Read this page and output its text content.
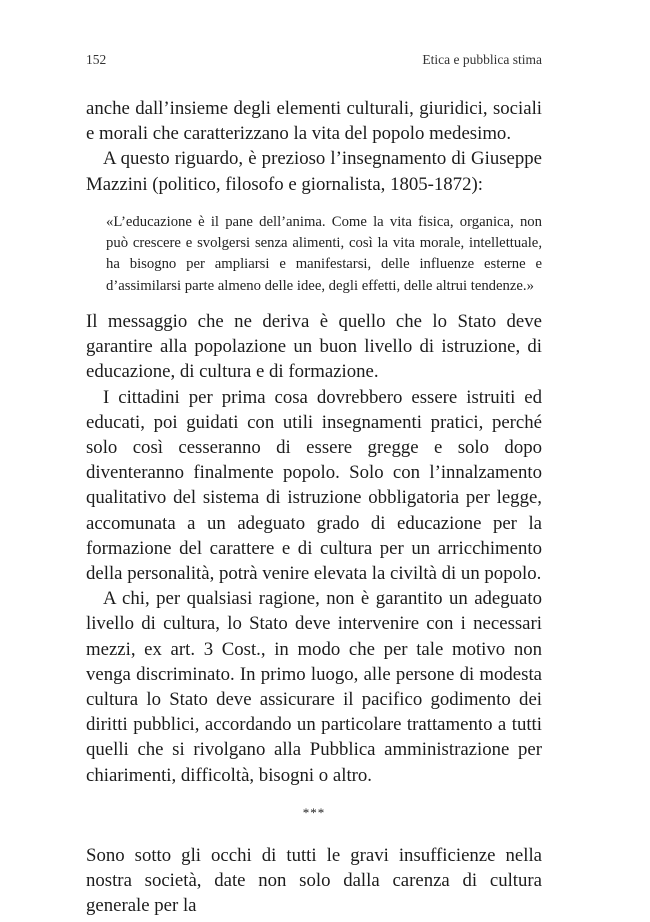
152	Etica e pubblica stima

anche dall’insieme degli elementi culturali, giuridici, sociali e morali che caratterizzano la vita del popolo medesimo.

A questo riguardo, è prezioso l’insegnamento di Giuseppe Mazzini (politico, filosofo e giornalista, 1805-1872):

«L’educazione è il pane dell’anima. Come la vita fisica, organica, non può crescere e svolgersi senza alimenti, così la vita morale, intellettuale, ha bisogno per ampliarsi e manifestarsi, delle influenze esterne e d’assimilarsi parte almeno delle idee, degli effetti, delle altrui tendenze.»

Il messaggio che ne deriva è quello che lo Stato deve garantire alla popolazione un buon livello di istruzione, di educazione, di cultura e di formazione.

I cittadini per prima cosa dovrebbero essere istruiti ed educati, poi guidati con utili insegnamenti pratici, perché solo così cesseranno di essere gregge e solo dopo diventeranno finalmente popolo. Solo con l’innalzamento qualitativo del sistema di istruzione obbligatoria per legge, accomunata a un adeguato grado di educazione per la formazione del carattere e di cultura per un arricchimento della personalità, potrà venire elevata la civiltà di un popolo.

A chi, per qualsiasi ragione, non è garantito un adeguato livello di cultura, lo Stato deve intervenire con i necessari mezzi, ex art. 3 Cost., in modo che per tale motivo non venga discriminato. In primo luogo, alle persone di modesta cultura lo Stato deve assicurare il pacifico godimento dei diritti pubblici, accordando un particolare trattamento a tutti quelli che si rivolgano alla Pubblica amministrazione per chiarimenti, difficoltà, bisogni o altro.

***

Sono sotto gli occhi di tutti le gravi insufficienze nella nostra società, date non solo dalla carenza di cultura generale per la
